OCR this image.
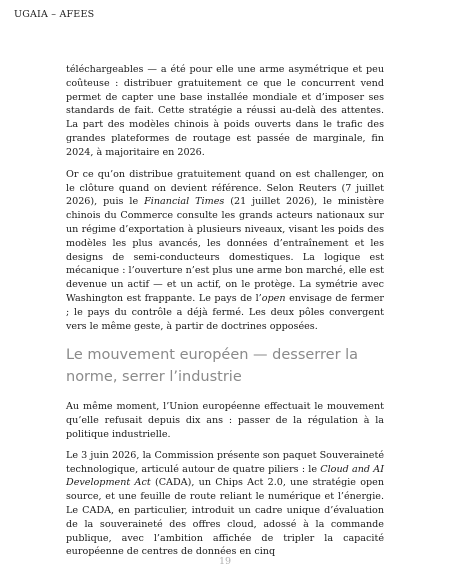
UGAIA – AFEES

téléchargeables — a été pour elle une arme asymétrique et peu coûteuse : distribuer gratuitement ce que le concurrent vend permet de capter une base installée mondiale et d’imposer ses standards de fait. Cette stratégie a réussi au-delà des attentes. La part des modèles chinois à poids ouverts dans le trafic des grandes plateformes de routage est passée de marginale, fin 2024, à majoritaire en 2026.

Or ce qu’on distribue gratuitement quand on est challenger, on le clôture quand on devient référence. Selon Reuters (7 juillet 2026), puis le Financial Times (21 juillet 2026), le ministère chinois du Commerce consulte les grands acteurs nationaux sur un régime d’exportation à plusieurs niveaux, visant les poids des modèles les plus avancés, les données d’entraînement et les designs de semi-conducteurs domestiques. La logique est mécanique : l’ouverture n’est plus une arme bon marché, elle est devenue un actif — et un actif, on le protège. La symétrie avec Washington est frappante. Le pays de l’open envisage de fermer ; le pays du contrôle a déjà fermé. Les deux pôles convergent vers le même geste, à partir de doctrines opposées.

Le mouvement européen — desserrer la norme, serrer l’industrie

Au même moment, l’Union européenne effectuait le mouvement qu’elle refusait depuis dix ans : passer de la régulation à la politique industrielle.

Le 3 juin 2026, la Commission présente son paquet Souveraineté technologique, articulé autour de quatre piliers : le Cloud and AI Development Act (CADA), un Chips Act 2.0, une stratégie open source, et une feuille de route reliant le numérique et l’énergie. Le CADA, en particulier, introduit un cadre unique d’évaluation de la souveraineté des offres cloud, adossé à la commande publique, avec l’ambition affichée de tripler la capacité européenne de centres de données en cinq

19
